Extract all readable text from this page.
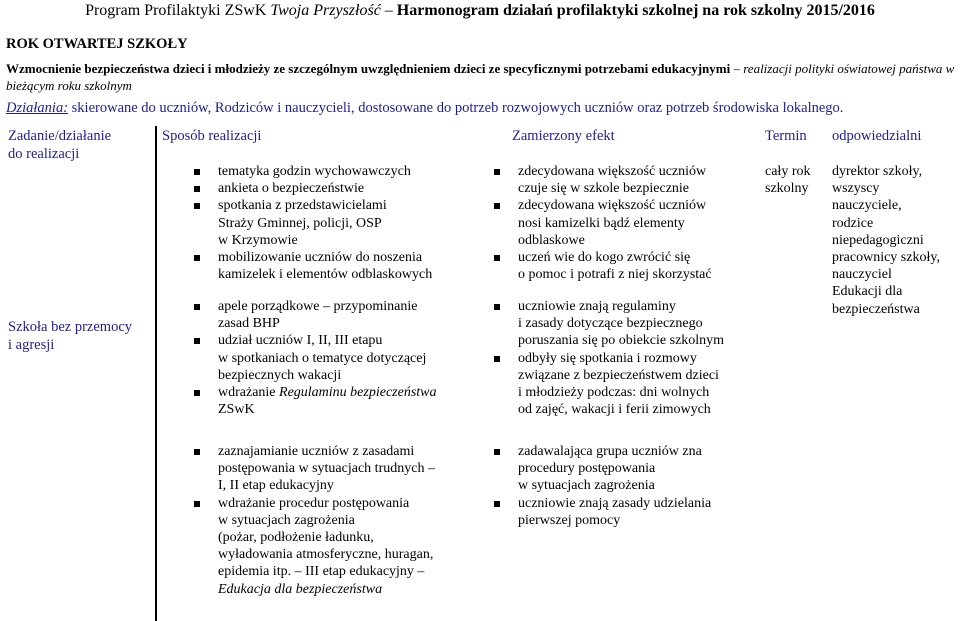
Program Profilaktyki ZSwK Twoja Przyszłość – Harmonogram działań profilaktyki szkolnej na rok szkolny 2015/2016
ROK OTWARTEJ SZKOŁY
Wzmocnienie bezpieczeństwa dzieci i młodzieży ze szczególnym uwzględnieniem dzieci ze specyficznymi potrzebami edukacyjnymi – realizacji polityki oświatowej państwa w bieżącym roku szkolnym
Działania: skierowane do uczniów, Rodziców i nauczycieli, dostosowane do potrzeb rozwojowych uczniów oraz potrzeb środowiska lokalnego.
Zadanie/działanie
do realizacji
Sposób realizacji	Zamierzony efekt	Termin odpowiedzialni
Szkoła bez przemocy
i agresji
tematyka godzin wychowawczych
ankieta o bezpieczeństwie
spotkania z przedstawicielami
Straży Gminnej, policji, OSP
w Krzymowie
mobilizowanie uczniów do noszenia
kamizelek i elementów odblaskowych
apele porządkowe – przypominanie
zasad BHP
udział uczniów I, II, III etapu
w spotkaniach o tematyce dotyczącej
bezpiecznych wakacji
wdrażanie Regulaminu bezpieczeństwa
ZSwK
zaznajamianie uczniów z zasadami
postępowania w sytuacjach trudnych –
I, II etap edukacyjny
wdrażanie procedur postępowania
w sytuacjach zagrożenia
(pożar, podłożenie ładunku,
wyładowania atmosferyczne, huragan,
epidemia itp. – III etap edukacyjny –
Edukacja dla bezpieczeństwa
zdecydowana większość uczniów
czuje się w szkole bezpiecznie
zdecydowana większość uczniów
nosi kamizelki bądź elementy
odblaskowe
uczeń wie do kogo zwrócić się
o pomoc i potrafi z niej skorzystać
uczniowie znają regulaminy
i zasady dotyczące bezpiecznego
poruszania się po obiekcie szkolnym
odbyły się spotkania i rozmowy
związane z bezpieczeństwem dzieci
i młodzieży podczas: dni wolnych
od zajęć, wakacji i ferii zimowych
zadawalająca grupa uczniów zna
procedury postępowania
w sytuacjach zagrożenia
uczniowie znają zasady udzielania
pierwszej pomocy
cały rok
szkolny
dyrektor szkoły,
wszyscy
nauczyciele,
rodzice
niepedagogiczni
pracownicy szkoły,
nauczyciel
Edukacji dla
bezpieczeństwa
